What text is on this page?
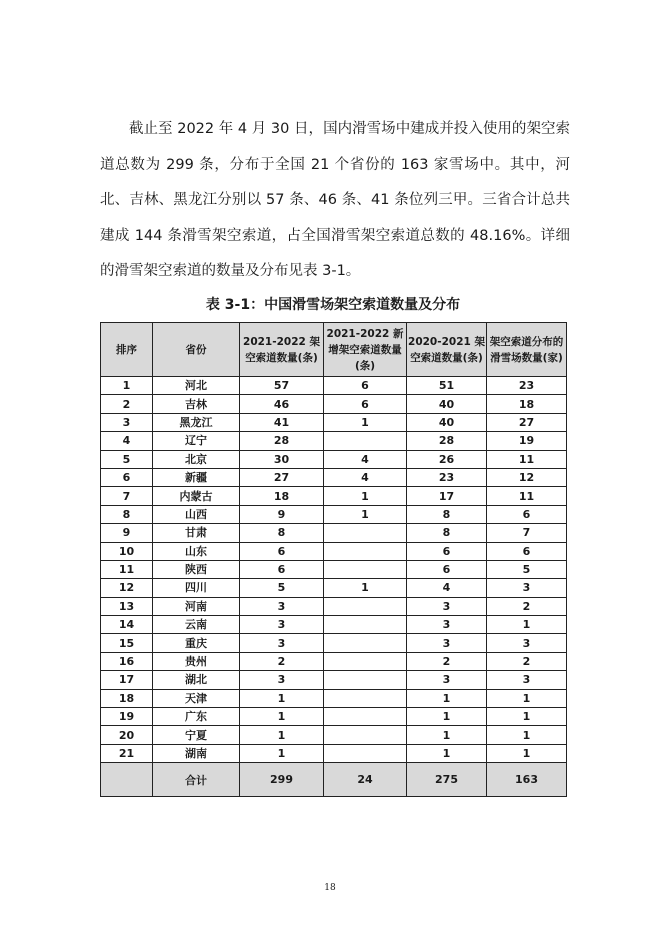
截止至 2022 年 4 月 30 日，国内滑雪场中建成并投入使用的架空索道总数为 299 条，分布于全国 21 个省份的 163 家雪场中。其中，河北、吉林、黑龙江分别以 57 条、46 条、41 条位列三甲。三省合计总共建成 144 条滑雪架空索道，占全国滑雪架空索道总数的 48.16%。详细的滑雪架空索道的数量及分布见表 3-1。

表 3-1：中国滑雪场架空索道数量及分布

排序	省份	2021-2022 架空索道数量(条)	2021-2022 新增架空索道数量(条)	2020-2021 架空索道数量(条)	架空索道分布的滑雪场数量(家)
1	河北	57	6	51	23
2	吉林	46	6	40	18
3	黑龙江	41	1	40	27
4	辽宁	28		28	19
5	北京	30	4	26	11
6	新疆	27	4	23	12
7	内蒙古	18	1	17	11
8	山西	9	1	8	6
9	甘肃	8		8	7
10	山东	6		6	6
11	陕西	6		6	5
12	四川	5	1	4	3
13	河南	3		3	2
14	云南	3		3	1
15	重庆	3		3	3
16	贵州	2		2	2
17	湖北	3		3	3
18	天津	1		1	1
19	广东	1		1	1
20	宁夏	1		1	1
21	湖南	1		1	1
	合计	299	24	275	163
18
